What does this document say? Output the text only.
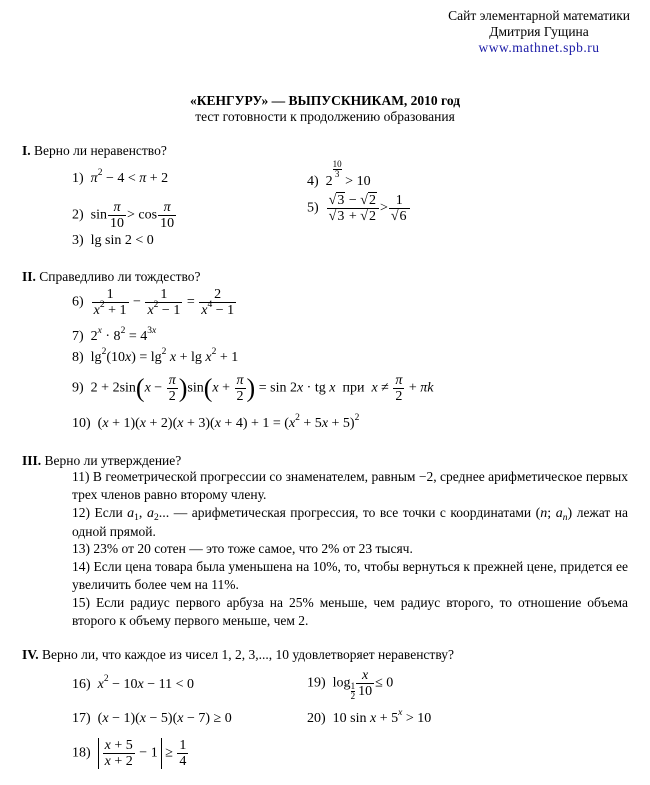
Сайт элементарной математики
Дмитрия Гущина
www.mathnet.spb.ru
«КЕНГУРУ» — ВЫПУСКНИКАМ, 2010 год
тест готовности к продолжению образования
I. Верно ли неравенство?
1) $\pi^2 - 4 < \pi + 2$
2)  $\sin \frac{\pi}{10} > \cos \frac{\pi}{10}$
3)  lg sin 2 < 0
4)  2
$\frac{10}{3}$
> 10
$5) \frac{√3 - √2}{√3 + √2} > \frac{1}{√6}$
II. Справедливо ли тождество?
$6) \frac{1}{x^2 + 1} - \frac{1}{x^2 - 1} = \frac{2}{x^4 - 1}$
7)  $2^x \cdot 8^2 = 4^{3x}$
8)  $\lg^2(10x) = \lg^2 x + \lg x^2 + 1$
9)  $2 + 2\sin(x - \frac{\pi}{2} )\sin(x + \frac{\pi}{2}$ ) = sin 2x · tg x  при  $x \ne \frac{\pi}{2} + \pi k$
10)  $(x + 1)(x + 2)(x + 3)(x + 4) + 1 = (x^2 + 5x + 5)^2$
III. Верно ли утверждение?
11) В геометрической прогрессии со знаменателем, равным −2, среднее арифметическое первых трех членов равно второму члену.
12) Если $a_1$, $a_2$... — арифметическая прогрессия, то все точки с координатами (n; $a_n$) лежат на одной прямой.
13) 23% от 20 сотен — это тоже самое, что 2% от 23 тысяч.
14) Если цена товара была уменьшена на 10%, то, чтобы вернуться к прежней цене, придется ее увеличить более чем на 11%.
15) Если радиус первого арбуза на 25% меньше, чем радиус второго, то отношение объема второго к объему первого меньше, чем 2.
IV. Верно ли, что каждое из чисел 1, 2, 3,..., 10 удовлетворяет неравенству?
16) $x^2 - 10x - 11 < 0$
17)  (x − 1)(x − 5)(x − 7) ≥ 0
$18) \frac{x + 5}{x + 2} - 1 \ge \frac{1}{4}$
19)  $\log \frac{1}{2} \frac{x}{10} \le 0$
20)  10 $\sin x + 5^x > 10$
